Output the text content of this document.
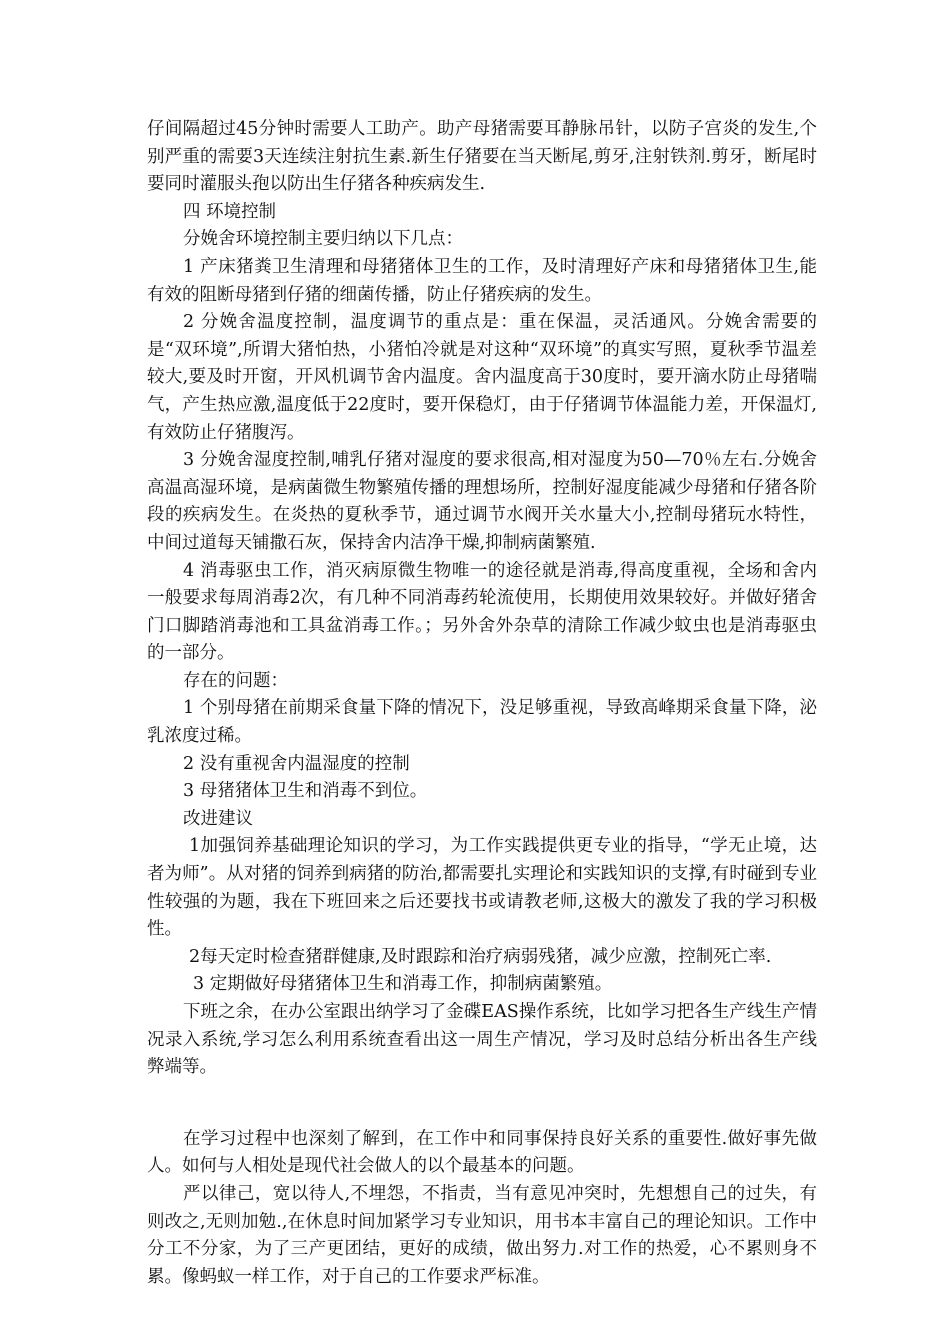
仔间隔超过45分钟时需要人工助产。助产母猪需要耳静脉吊针，以防子宫炎的发生,个别严重的需要3天连续注射抗生素.新生仔猪要在当天断尾,剪牙,注射铁剂.剪牙，断尾时要同时灌服头孢以防出生仔猪各种疾病发生.

四 环境控制

分娩舍环境控制主要归纳以下几点：

1 产床猪粪卫生清理和母猪猪体卫生的工作，及时清理好产床和母猪猪体卫生,能有效的阻断母猪到仔猪的细菌传播，防止仔猪疾病的发生。

2 分娩舍温度控制，温度调节的重点是：重在保温，灵活通风。分娩舍需要的是“双环境”,所谓大猪怕热，小猪怕冷就是对这种“双环境”的真实写照，夏秋季节温差较大,要及时开窗，开风机调节舍内温度。舍内温度高于30度时，要开滴水防止母猪喘气，产生热应激,温度低于22度时，要开保稳灯，由于仔猪调节体温能力差，开保温灯,有效防止仔猪腹泻。

3 分娩舍湿度控制,哺乳仔猪对湿度的要求很高,相对湿度为50—70％左右.分娩舍高温高湿环境，是病菌微生物繁殖传播的理想场所，控制好湿度能减少母猪和仔猪各阶段的疾病发生。在炎热的夏秋季节，通过调节水阀开关水量大小,控制母猪玩水特性，中间过道每天铺撒石灰，保持舍内洁净干燥,抑制病菌繁殖.

4 消毒驱虫工作，消灭病原微生物唯一的途径就是消毒,得高度重视，全场和舍内一般要求每周消毒2次，有几种不同消毒药轮流使用，长期使用效果较好。并做好猪舍门口脚踏消毒池和工具盆消毒工作。；另外舍外杂草的清除工作减少蚊虫也是消毒驱虫的一部分。

存在的问题：

1 个别母猪在前期采食量下降的情况下，没足够重视，导致高峰期采食量下降，泌乳浓度过稀。

2 没有重视舍内温湿度的控制

3 母猪猪体卫生和消毒不到位。

改进建议

1加强饲养基础理论知识的学习，为工作实践提供更专业的指导，“学无止境，达者为师”。从对猪的饲养到病猪的防治,都需要扎实理论和实践知识的支撑,有时碰到专业性较强的为题，我在下班回来之后还要找书或请教老师,这极大的激发了我的学习积极性。

2每天定时检查猪群健康,及时跟踪和治疗病弱残猪，减少应激，控制死亡率.

3 定期做好母猪猪体卫生和消毒工作，抑制病菌繁殖。

下班之余，在办公室跟出纳学习了金碟EAS操作系统，比如学习把各生产线生产情况录入系统,学习怎么利用系统查看出这一周生产情况，学习及时总结分析出各生产线弊端等。

在学习过程中也深刻了解到，在工作中和同事保持良好关系的重要性.做好事先做人。如何与人相处是现代社会做人的以个最基本的问题。

严以律己，宽以待人,不埋怨，不指责，当有意见冲突时，先想想自己的过失，有则改之,无则加勉.,在休息时间加紧学习专业知识，用书本丰富自己的理论知识。工作中分工不分家，为了三产更团结，更好的成绩，做出努力.对工作的热爱，心不累则身不累。像蚂蚁一样工作，对于自己的工作要求严标准。
